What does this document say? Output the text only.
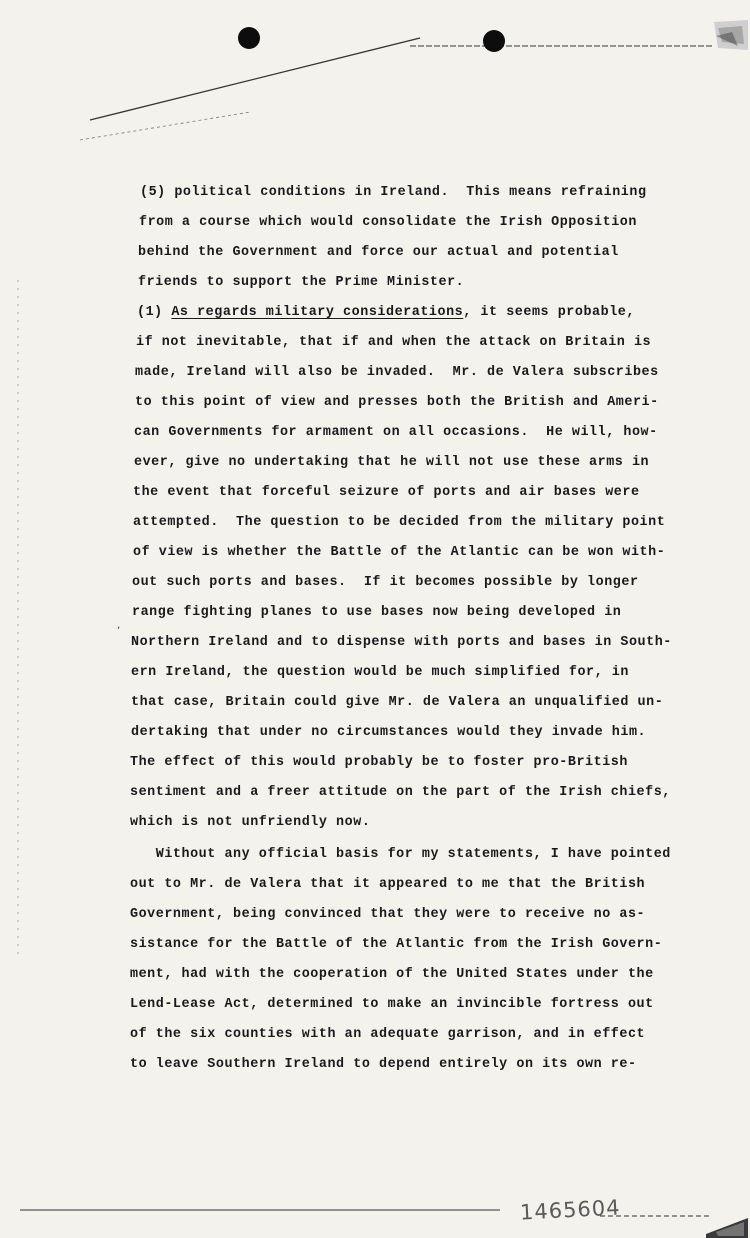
,
(5) political conditions in Ireland.  This means refraining
from a course which would consolidate the Irish Opposition
behind the Government and force our actual and potential
friends to support the Prime Minister.
(1) As regards military considerations, it seems probable,
if not inevitable, that if and when the attack on Britain is
made, Ireland will also be invaded.  Mr. de Valera subscribes
to this point of view and presses both the British and Ameri-
can Governments for armament on all occasions.  He will, how-
ever, give no undertaking that he will not use these arms in
the event that forceful seizure of ports and air bases were
attempted.  The question to be decided from the military point
of view is whether the Battle of the Atlantic can be won with-
out such ports and bases.  If it becomes possible by longer
range fighting planes to use bases now being developed in
Northern Ireland and to dispense with ports and bases in South-
ern Ireland, the question would be much simplified for, in
that case, Britain could give Mr. de Valera an unqualified un-
dertaking that under no circumstances would they invade him.
The effect of this would probably be to foster pro-British
sentiment and a freer attitude on the part of the Irish chiefs,
which is not unfriendly now.
Without any official basis for my statements, I have pointed
out to Mr. de Valera that it appeared to me that the British
Government, being convinced that they were to receive no as-
sistance for the Battle of the Atlantic from the Irish Govern-
ment, had with the cooperation of the United States under the
Lend-Lease Act, determined to make an invincible fortress out
of the six counties with an adequate garrison, and in effect
to leave Southern Ireland to depend entirely on its own re-
1465604
